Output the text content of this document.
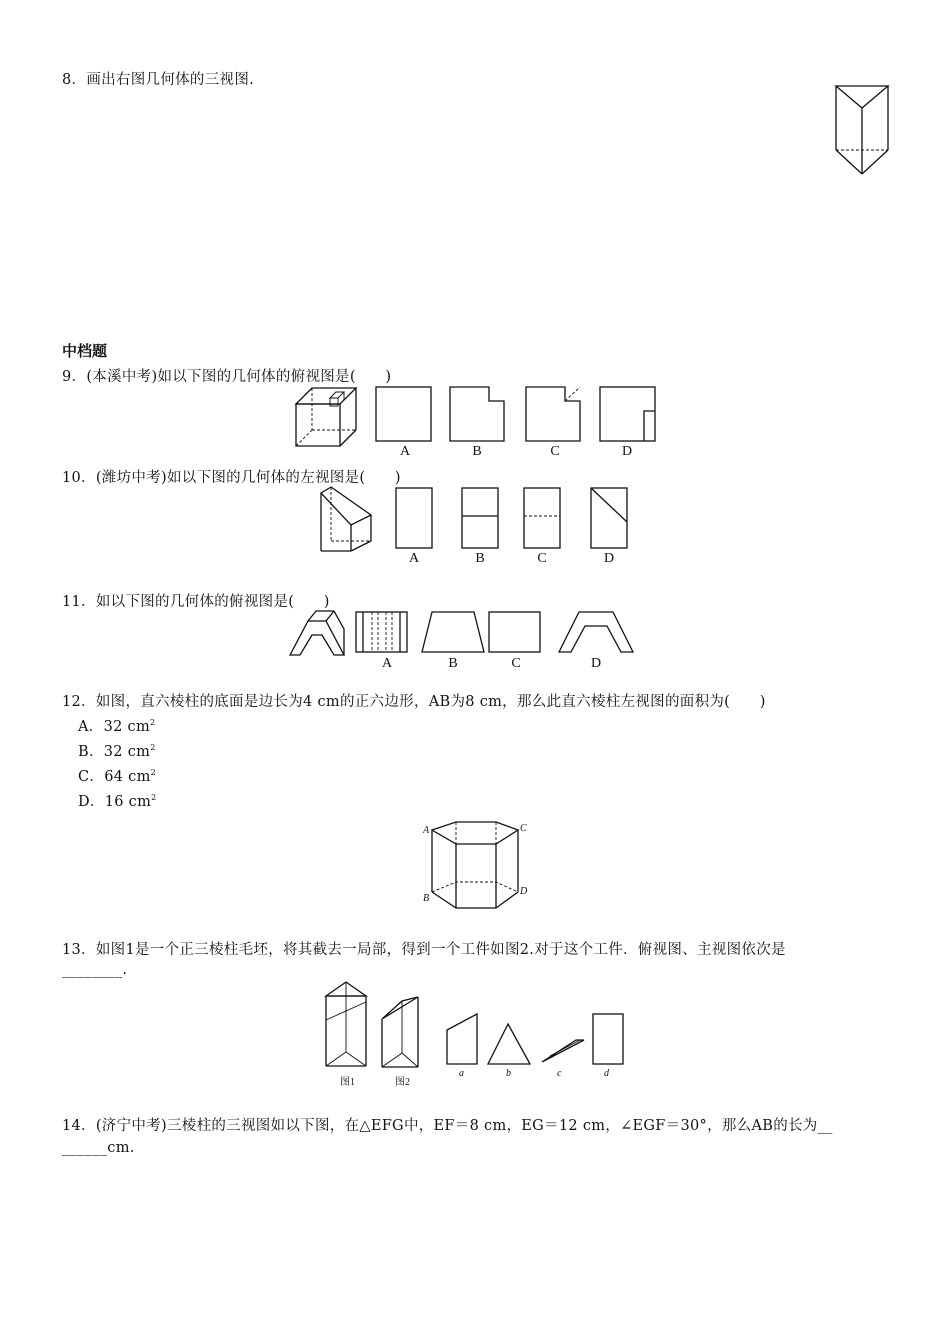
8．画出右图几何体的三视图.
中档题
9．(本溪中考)如以下图的几何体的俯视图是(　　)
A	B	C	D
10．(潍坊中考)如以下图的几何体的左视图是(　　)
A	B	C	D
11．如以下图的几何体的俯视图是(　　)
A	B	C	D
12．如图，直六棱柱的底面是边长为4 cm的正六边形，AB为8 cm，那么此直六棱柱左视图的面积为(　　)
A．32 $cm^2$
B．32 $cm^2$
C．64 $cm^2$
D．16 $cm^2$
A
B
C
D
13．如图1是一个正三棱柱毛坯，将其截去一局部，得到一个工件如图2.对于这个工件．俯视图、主视图依次是
________.
图1	图2
a	b	c	d
14．(济宁中考)三棱柱的三视图如以下图，在△EFG中，EF＝8 cm，EG＝12 cm，∠EGF＝30°，那么AB的长为__
______cm.
